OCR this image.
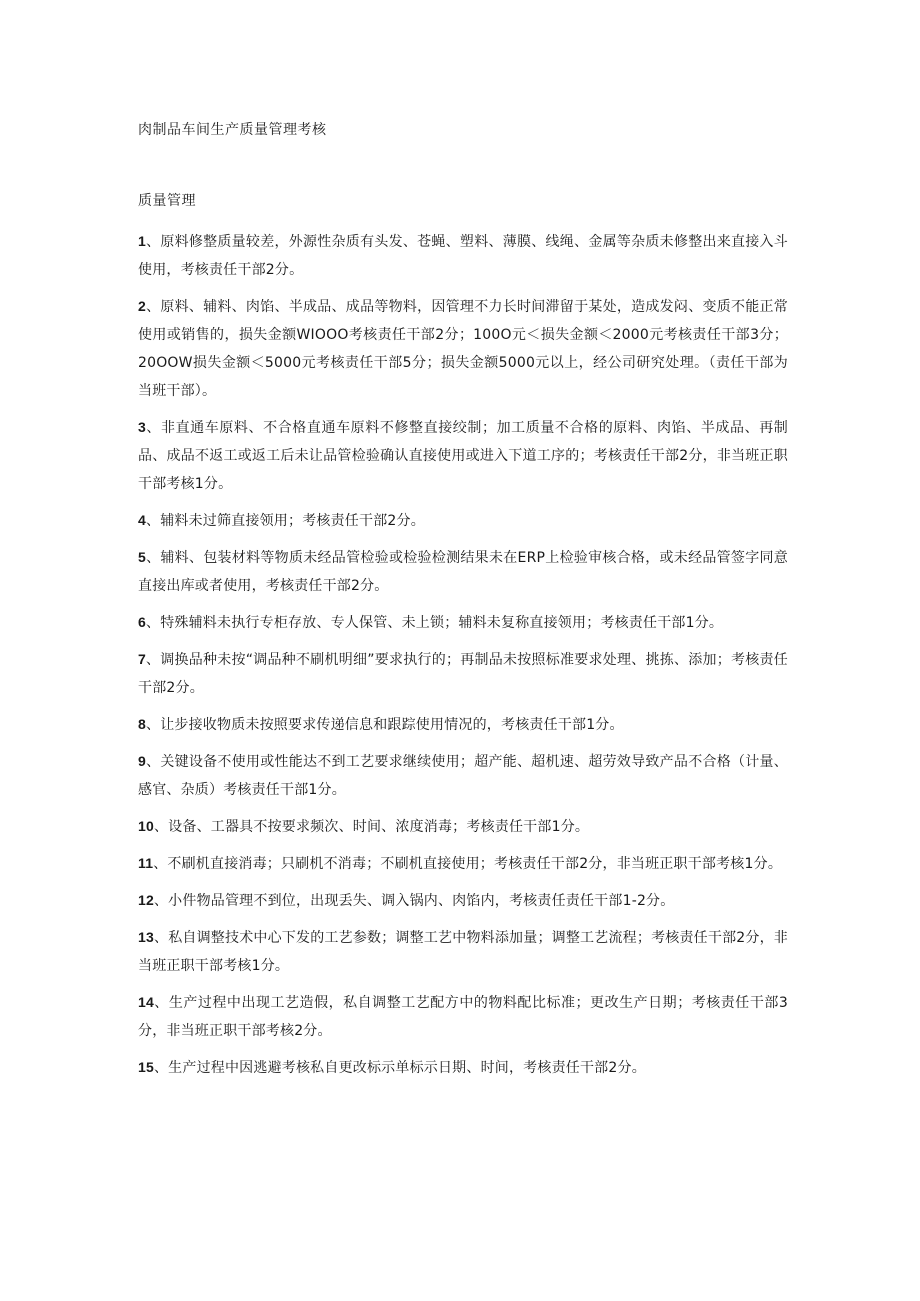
肉制品车间生产质量管理考核
质量管理
1、原料修整质量较差，外源性杂质有头发、苍蝇、塑料、薄膜、线绳、金属等杂质未修整出来直接入斗使用，考核责任干部2分。
2、原料、辅料、肉馅、半成品、成品等物料，因管理不力长时间滞留于某处，造成发闷、变质不能正常使用或销售的，损失金额WIOOO考核责任干部2分；100O元＜损失金额＜2000元考核责任干部3分；20OOW损失金额＜5000元考核责任干部5分；损失金额5000元以上，经公司研究处理。（责任干部为当班干部）。
3、非直通车原料、不合格直通车原料不修整直接绞制；加工质量不合格的原料、肉馅、半成品、再制品、成品不返工或返工后未让品管检验确认直接使用或进入下道工序的；考核责任干部2分，非当班正职干部考核1分。
4、辅料未过筛直接领用；考核责任干部2分。
5、辅料、包装材料等物质未经品管检验或检验检测结果未在ERP上检验审核合格，或未经品管签字同意直接出库或者使用，考核责任干部2分。
6、特殊辅料未执行专柜存放、专人保管、未上锁；辅料未复称直接领用；考核责任干部1分。
7、调换品种未按“调品种不刷机明细”要求执行的；再制品未按照标准要求处理、挑拣、添加；考核责任干部2分。
8、让步接收物质未按照要求传递信息和跟踪使用情况的，考核责任干部1分。
9、关键设备不使用或性能达不到工艺要求继续使用；超产能、超机速、超劳效导致产品不合格（计量、感官、杂质）考核责任干部1分。
10、设备、工器具不按要求频次、时间、浓度消毒；考核责任干部1分。
11、不刷机直接消毒；只刷机不消毒；不刷机直接使用；考核责任干部2分，非当班正职干部考核1分。
12、小件物品管理不到位，出现丢失、调入锅内、肉馅内，考核责任责任干部1-2分。
13、私自调整技术中心下发的工艺参数；调整工艺中物料添加量；调整工艺流程；考核责任干部2分，非当班正职干部考核1分。
14、生产过程中出现工艺造假，私自调整工艺配方中的物料配比标准；更改生产日期；考核责任干部3分，非当班正职干部考核2分。
15、生产过程中因逃避考核私自更改标示单标示日期、时间，考核责任干部2分。
